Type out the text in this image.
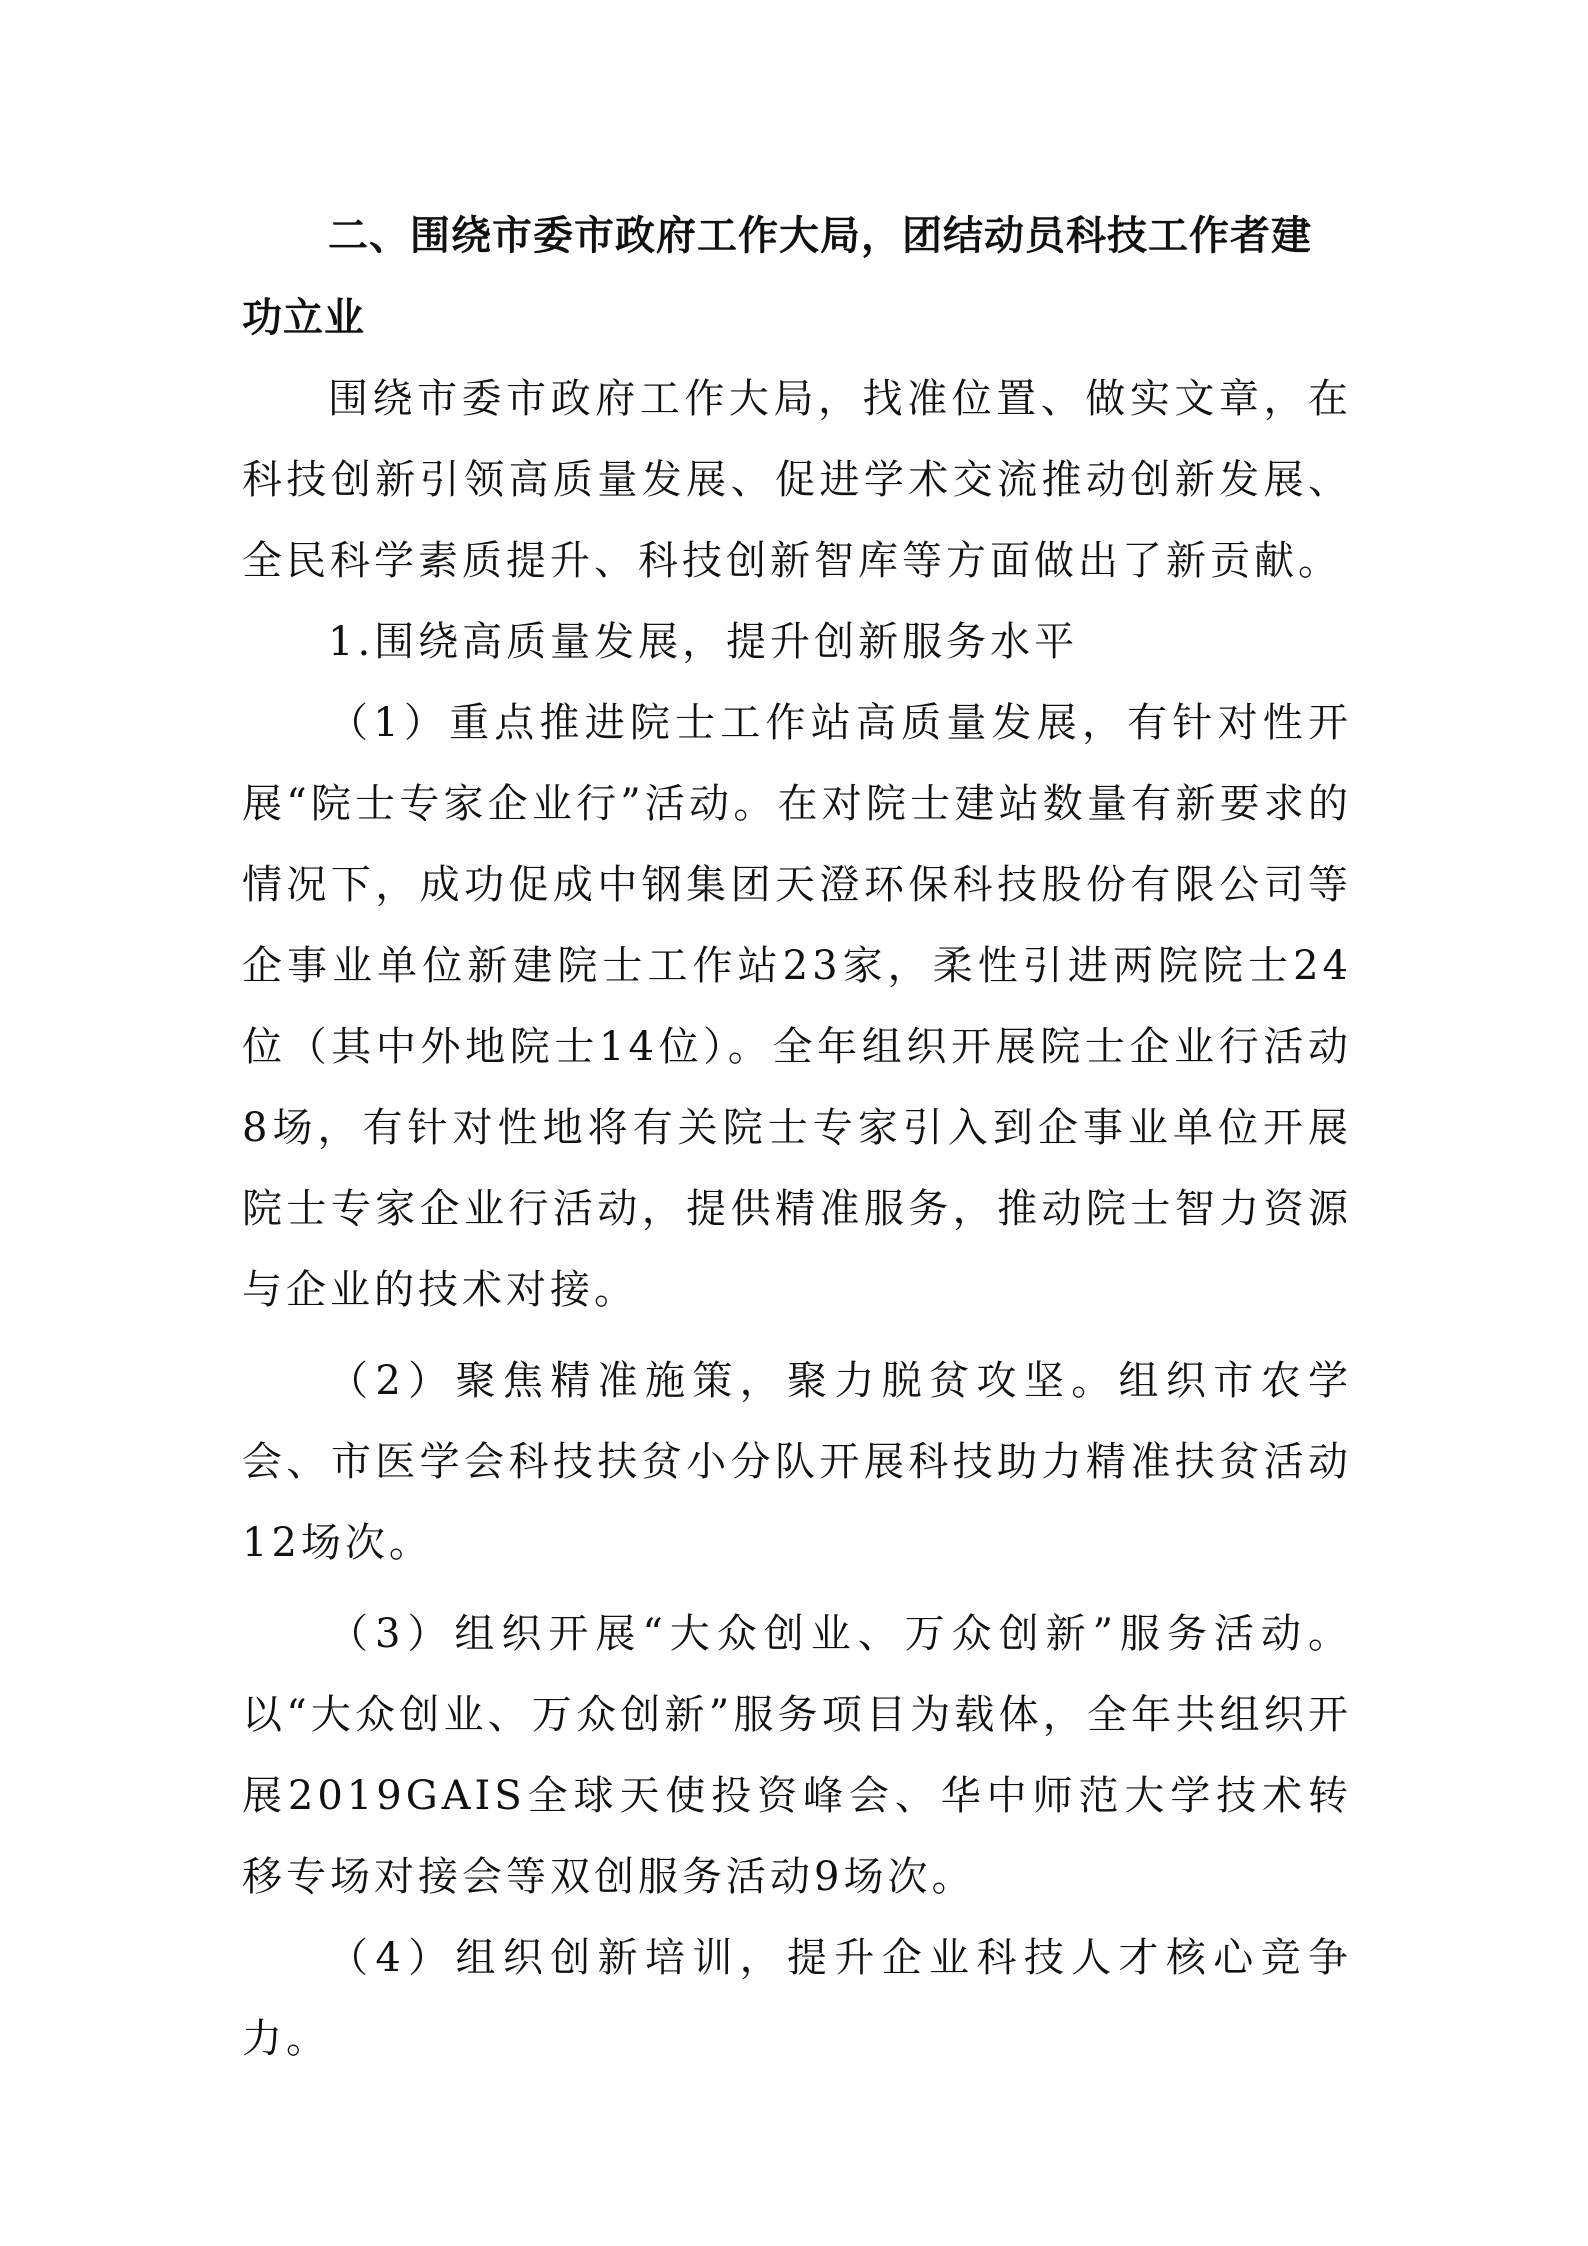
二、围绕市委市政府工作大局，团结动员科技工作者建功立业

围绕市委市政府工作大局，找准位置、做实文章，在科技创新引领高质量发展、促进学术交流推动创新发展、全民科学素质提升、科技创新智库等方面做出了新贡献。

1.围绕高质量发展，提升创新服务水平

（1）重点推进院士工作站高质量发展，有针对性开展“院士专家企业行”活动。在对院士建站数量有新要求的情况下，成功促成中钢集团天澄环保科技股份有限公司等企事业单位新建院士工作站23家，柔性引进两院院士24位（其中外地院士14位）。全年组织开展院士企业行活动8场，有针对性地将有关院士专家引入到企事业单位开展院士专家企业行活动，提供精准服务，推动院士智力资源与企业的技术对接。

（2）聚焦精准施策，聚力脱贫攻坚。组织市农学会、市医学会科技扶贫小分队开展科技助力精准扶贫活动12场次。

（3）组织开展“大众创业、万众创新”服务活动。以“大众创业、万众创新”服务项目为载体，全年共组织开展2019GAIS全球天使投资峰会、华中师范大学技术转移专场对接会等双创服务活动9场次。

（4）组织创新培训，提升企业科技人才核心竞争力。
